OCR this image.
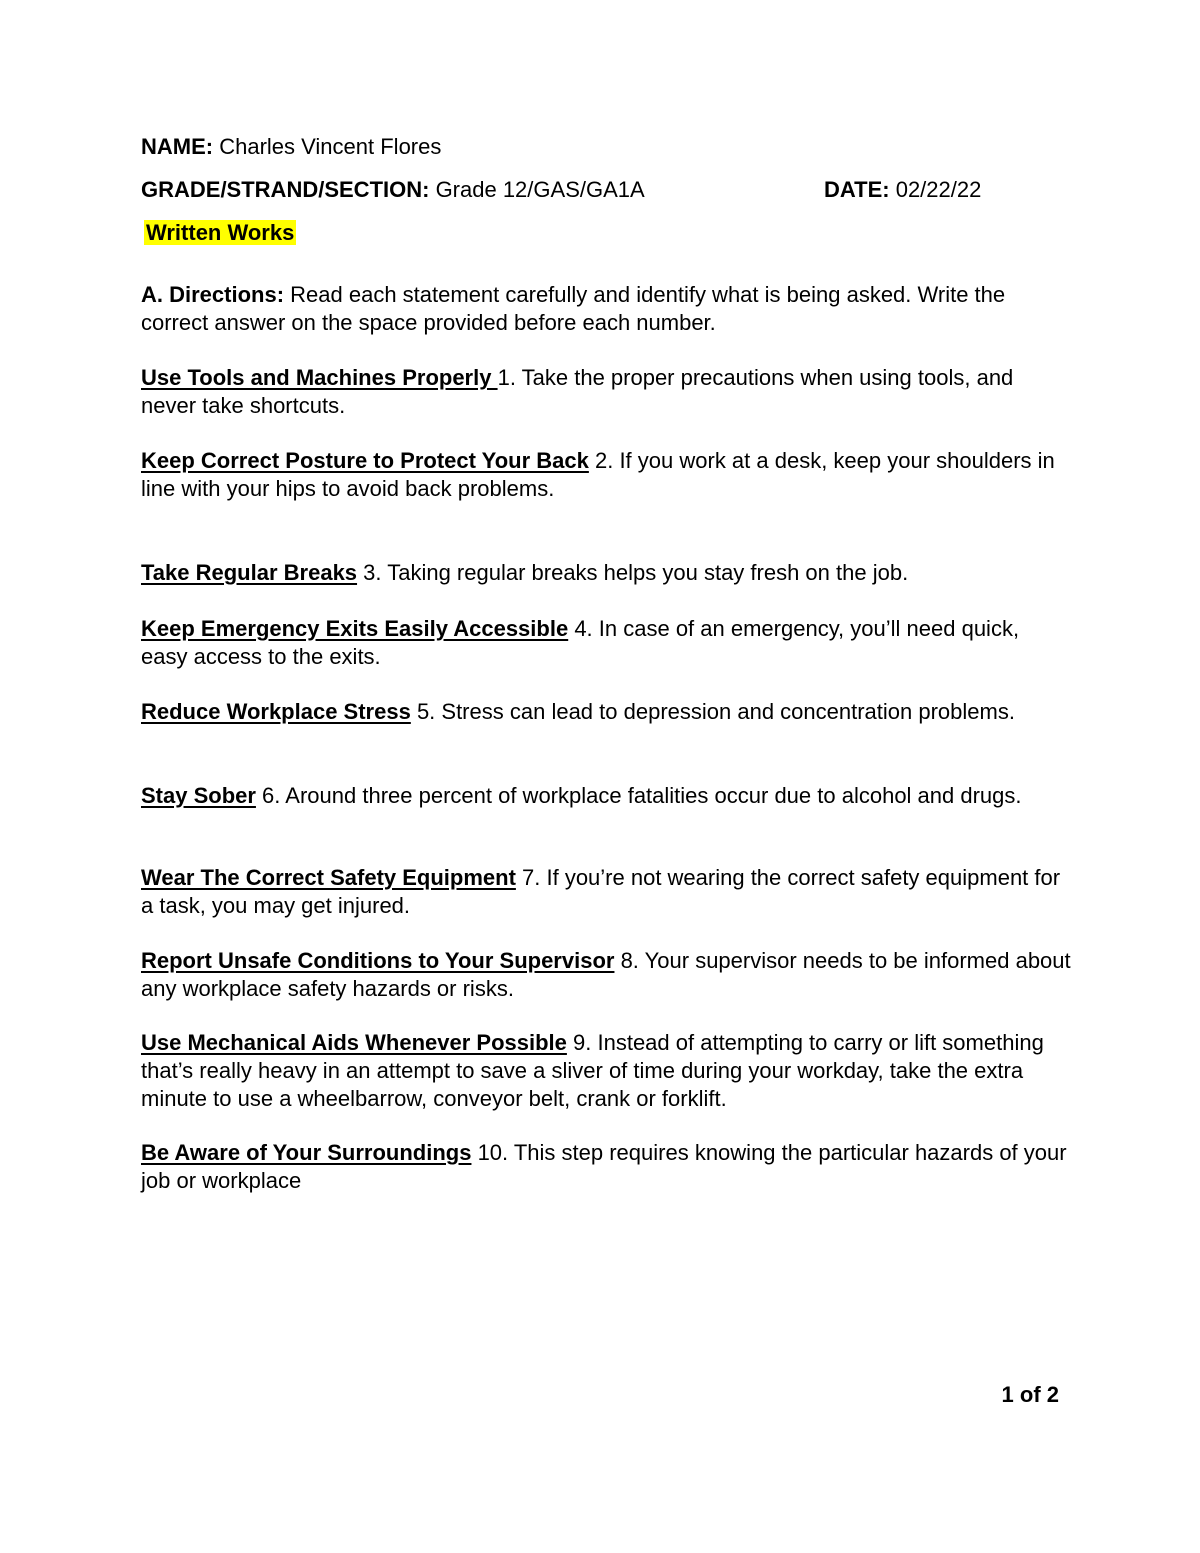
NAME: Charles Vincent Flores
GRADE/STRAND/SECTION: Grade 12/GAS/GA1A	DATE: 02/22/22
Written Works
A. Directions: Read each statement carefully and identify what is being asked. Write the correct answer on the space provided before each number.
Use Tools and Machines Properly 1. Take the proper precautions when using tools, and never take shortcuts.
Keep Correct Posture to Protect Your Back 2. If you work at a desk, keep your shoulders in line with your hips to avoid back problems.
Take Regular Breaks 3. Taking regular breaks helps you stay fresh on the job.
Keep Emergency Exits Easily Accessible 4. In case of an emergency, you’ll need quick, easy access to the exits.
Reduce Workplace Stress 5. Stress can lead to depression and concentration problems.
Stay Sober 6. Around three percent of workplace fatalities occur due to alcohol and drugs.
Wear The Correct Safety Equipment 7. If you’re not wearing the correct safety equipment for a task, you may get injured.
Report Unsafe Conditions to Your Supervisor 8. Your supervisor needs to be informed about any workplace safety hazards or risks.
Use Mechanical Aids Whenever Possible 9. Instead of attempting to carry or lift something that’s really heavy in an attempt to save a sliver of time during your workday, take the extra minute to use a wheelbarrow, conveyor belt, crank or forklift.
Be Aware of Your Surroundings 10. This step requires knowing the particular hazards of your job or workplace
1 of 2
